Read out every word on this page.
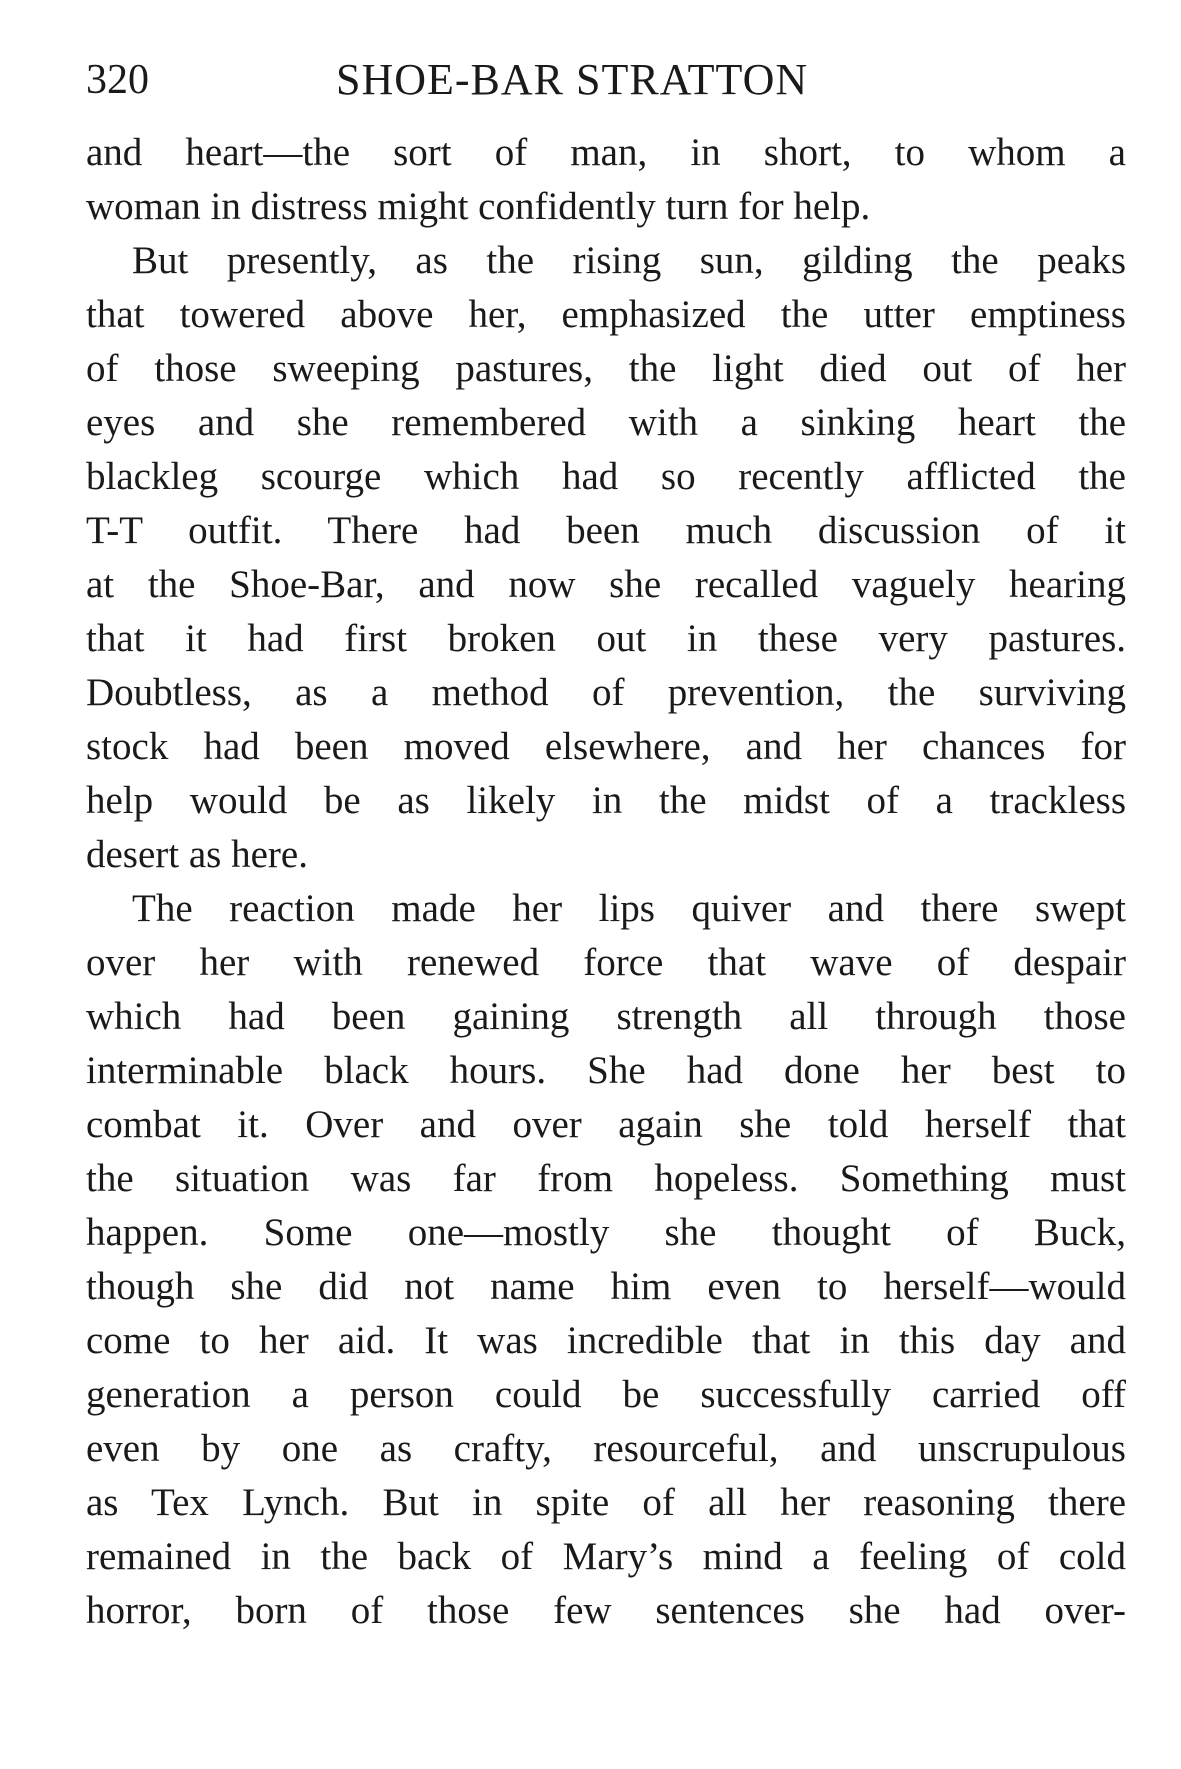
320	SHOE-BAR STRATTON
and heart—the sort of man, in short, to whom a
woman in distress might confidently turn for help.
But presently, as the rising sun, gilding the peaks
that towered above her, emphasized the utter emptiness
of those sweeping pastures, the light died out of her
eyes and she remembered with a sinking heart the
blackleg scourge which had so recently afflicted the
T-T outfit. There had been much discussion of it
at the Shoe-Bar, and now she recalled vaguely hearing
that it had first broken out in these very pastures.
Doubtless, as a method of prevention, the surviving
stock had been moved elsewhere, and her chances for
help would be as likely in the midst of a trackless
desert as here.
The reaction made her lips quiver and there swept
over her with renewed force that wave of despair
which had been gaining strength all through those
interminable black hours. She had done her best to
combat it. Over and over again she told herself that
the situation was far from hopeless. Something must
happen. Some one—mostly she thought of Buck,
though she did not name him even to herself—would
come to her aid. It was incredible that in this day and
generation a person could be successfully carried off
even by one as crafty, resourceful, and unscrupulous
as Tex Lynch. But in spite of all her reasoning there
remained in the back of Mary’s mind a feeling of cold
horror, born of those few sentences she had over-
